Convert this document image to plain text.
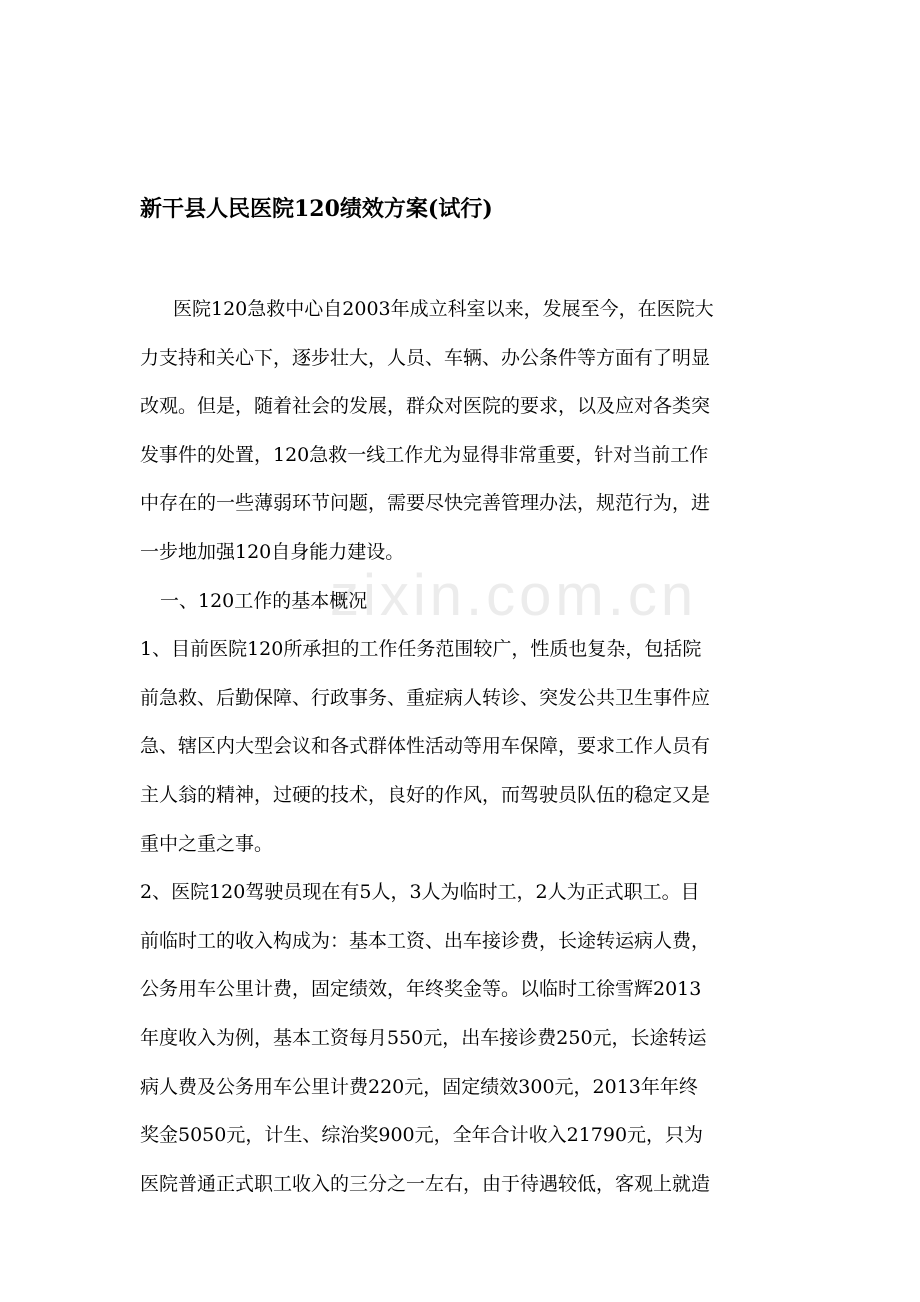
zixin.com.cn
新干县人民医院120绩效方案(试行)
医院120急救中心自2003年成立科室以来，发展至今，在医院大
力支持和关心下，逐步壮大，人员、车辆、办公条件等方面有了明显
改观。但是，随着社会的发展，群众对医院的要求，以及应对各类突
发事件的处置，120急救一线工作尤为显得非常重要，针对当前工作
中存在的一些薄弱环节问题，需要尽快完善管理办法，规范行为，进
一步地加强120自身能力建设。
一、120工作的基本概况
1、目前医院120所承担的工作任务范围较广，性质也复杂，包括院
前急救、后勤保障、行政事务、重症病人转诊、突发公共卫生事件应
急、辖区内大型会议和各式群体性活动等用车保障，要求工作人员有
主人翁的精神，过硬的技术，良好的作风，而驾驶员队伍的稳定又是
重中之重之事。
2、医院120驾驶员现在有5人，3人为临时工，2人为正式职工。目
前临时工的收入构成为：基本工资、出车接诊费，长途转运病人费，
公务用车公里计费，固定绩效，年终奖金等。以临时工徐雪辉2013
年度收入为例，基本工资每月550元，出车接诊费250元，长途转运
病人费及公务用车公里计费220元，固定绩效300元，2013年年终
奖金5050元，计生、综治奖900元，全年合计收入21790元，只为
医院普通正式职工收入的三分之一左右，由于待遇较低，客观上就造
